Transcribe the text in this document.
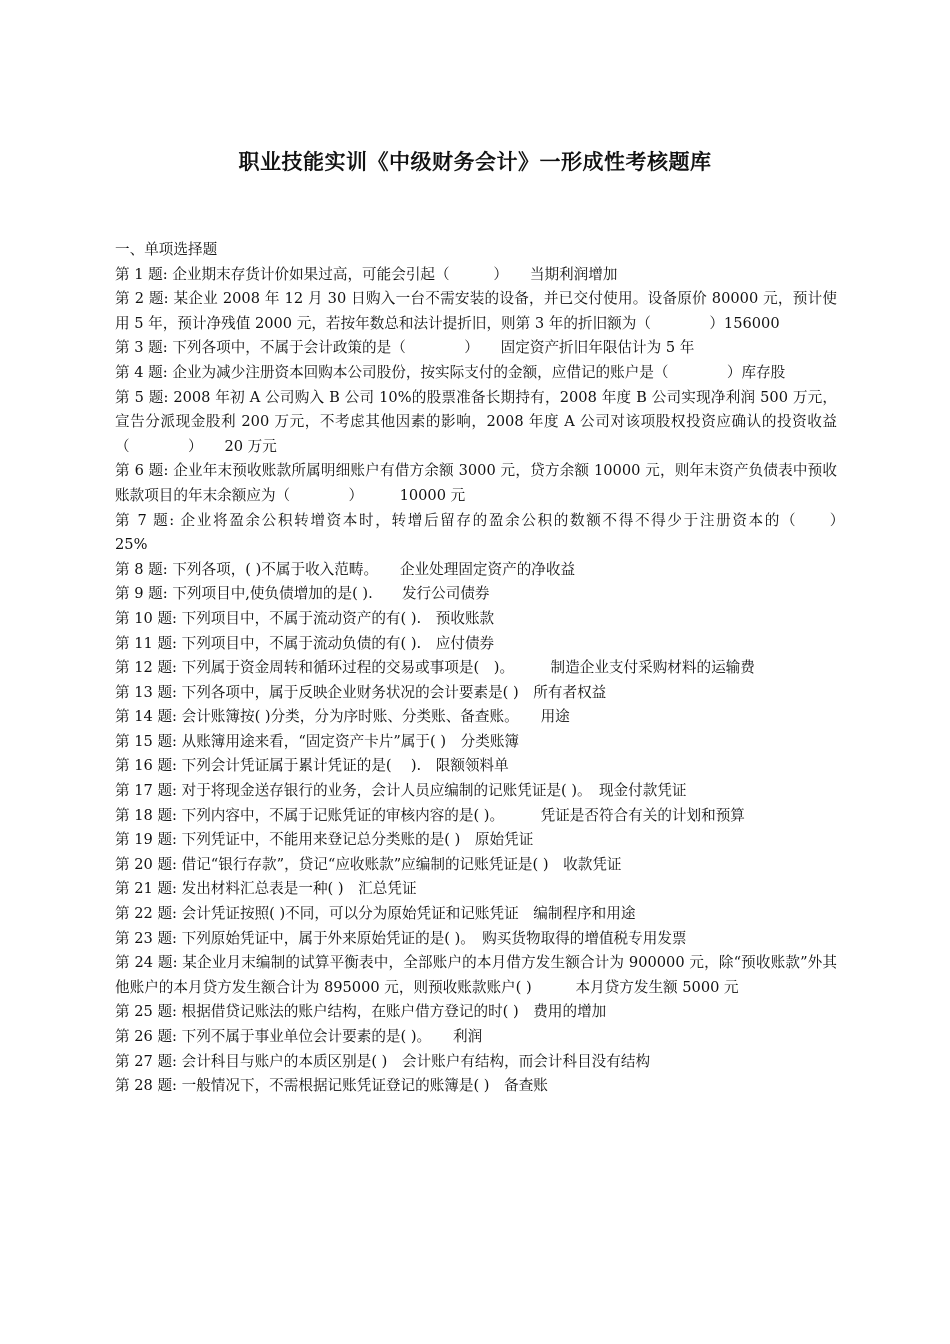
职业技能实训《中级财务会计》一形成性考核题库

一、单项选择题

第 1 题: 企业期末存货计价如果过高，可能会引起（　　　）　　当期利润增加

第 2 题: 某企业 2008 年 12 月 30 日购入一台不需安装的设备，并已交付使用。设备原价 80000 元，预计使用 5 年，预计净残值 2000 元，若按年数总和法计提折旧，则第 3 年的折旧额为（　　　　）156000

第 3 题: 下列各项中，不属于会计政策的是（　　　　）　　固定资产折旧年限估计为 5 年

第 4 题: 企业为减少注册资本回购本公司股份，按实际支付的金额，应借记的账户是（　　　　）库存股

第 5 题: 2008 年初 A 公司购入 B 公司 10%的股票准备长期持有，2008 年度 B 公司实现净利润 500 万元，宣告分派现金股利 200 万元，不考虑其他因素的影响，2008 年度 A 公司对该项股权投资应确认的投资收益（　　　　）　　20 万元

第 6 题: 企业年末预收账款所属明细账户有借方余额 3000 元，贷方余额 10000 元，则年末资产负债表中预收账款项目的年末余额应为（　　　　）　　　10000 元

第 7 题: 企业将盈余公积转增资本时，转增后留存的盈余公积的数额不得不得少于注册资本的（　　）　　　25%

第 8 题: 下列各项，( )不属于收入范畴。　　企业处理固定资产的净收益

第 9 题: 下列项目中,使负债增加的是( ).　　发行公司债券

第 10 题: 下列项目中，不属于流动资产的有( ).　预收账款

第 11 题: 下列项目中，不属于流动负债的有( ).　应付债券

第 12 题: 下列属于资金周转和循环过程的交易或事项是(　)。　　　制造企业支付采购材料的运输费

第 13 题: 下列各项中，属于反映企业财务状况的会计要素是( )　所有者权益

第 14 题: 会计账簿按( )分类，分为序时账、分类账、备查账。　　用途

第 15 题: 从账簿用途来看，“固定资产卡片”属于( )　分类账簿

第 16 题: 下列会计凭证属于累计凭证的是(　 ).　限额领料单

第 17 题: 对于将现金送存银行的业务，会计人员应编制的记账凭证是( )。　现金付款凭证

第 18 题: 下列内容中，不属于记账凭证的审核内容的是( )。　　　凭证是否符合有关的计划和预算

第 19 题: 下列凭证中，不能用来登记总分类账的是( )　原始凭证

第 20 题: 借记“银行存款”，贷记“应收账款”应编制的记账凭证是( )　收款凭证

第 21 题: 发出材料汇总表是一种( )　汇总凭证

第 22 题: 会计凭证按照( )不同，可以分为原始凭证和记账凭证　编制程序和用途

第 23 题: 下列原始凭证中，属于外来原始凭证的是( )。　购买货物取得的增值税专用发票

第 24 题: 某企业月末编制的试算平衡表中，全部账户的本月借方发生额合计为 900000 元，除“预收账款”外其他账户的本月贷方发生额合计为 895000 元，则预收账款账户( )　　　本月贷方发生额 5000 元

第 25 题: 根据借贷记账法的账户结构，在账户借方登记的时( )　费用的增加

第 26 题: 下列不属于事业单位会计要素的是( )。　　利润

第 27 题: 会计科目与账户的本质区别是( )　会计账户有结构，而会计科目没有结构

第 28 题: 一般情况下，不需根据记账凭证登记的账簿是( )　备查账
